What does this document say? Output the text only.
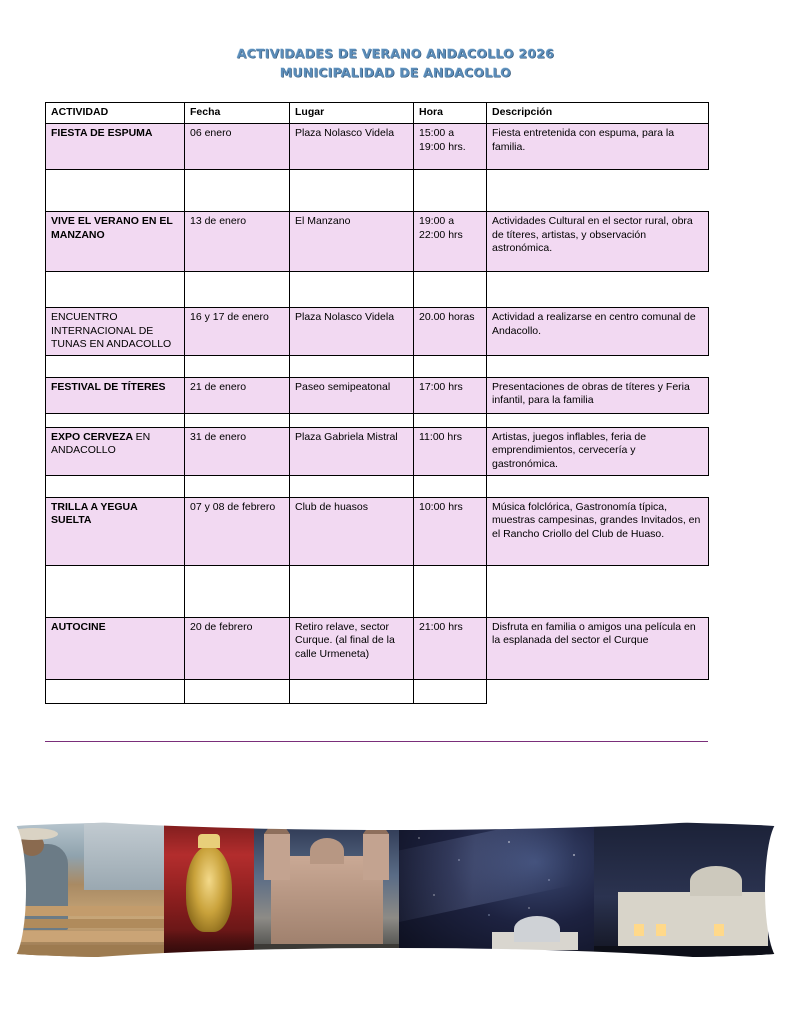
ACTIVIDADES DE VERANO ANDACOLLO 2026
MUNICIPALIDAD DE ANDACOLLO
ACTIVIDAD	Fecha	Lugar	Hora	Descripción
FIESTA DE ESPUMA	06 enero	Plaza Nolasco Videla	15:00 a 19:00 hrs.	Fiesta entretenida con espuma, para la familia.

VIVE EL VERANO EN EL MANZANO	13 de enero	El Manzano	19:00 a 22:00 hrs	Actividades Cultural en el sector rural, obra de títeres, artistas, y observación astronómica.

ENCUENTRO INTERNACIONAL DE TUNAS EN ANDACOLLO	16 y 17 de enero	Plaza Nolasco Videla	20.00 horas	Actividad a realizarse en centro comunal de Andacollo.

FESTIVAL DE TÍTERES	21 de enero	Paseo semipeatonal	17:00 hrs	Presentaciones de obras de títeres y Feria infantil, para la familia

EXPO CERVEZA EN ANDACOLLO	31 de enero	Plaza Gabriela Mistral	11:00 hrs	Artistas, juegos inflables, feria de emprendimientos, cervecería y gastronómica.

TRILLA A YEGUA SUELTA	07 y 08 de febrero	Club de huasos	10:00 hrs	Música folclórica, Gastronomía típica, muestras campesinas, grandes Invitados, en el Rancho Criollo del Club de Huaso.

AUTOCINE	20 de febrero	Retiro relave, sector Curque. (al final de la calle Urmeneta)	21:00 hrs	Disfruta en familia o amigos una película en la esplanada del sector el Curque
